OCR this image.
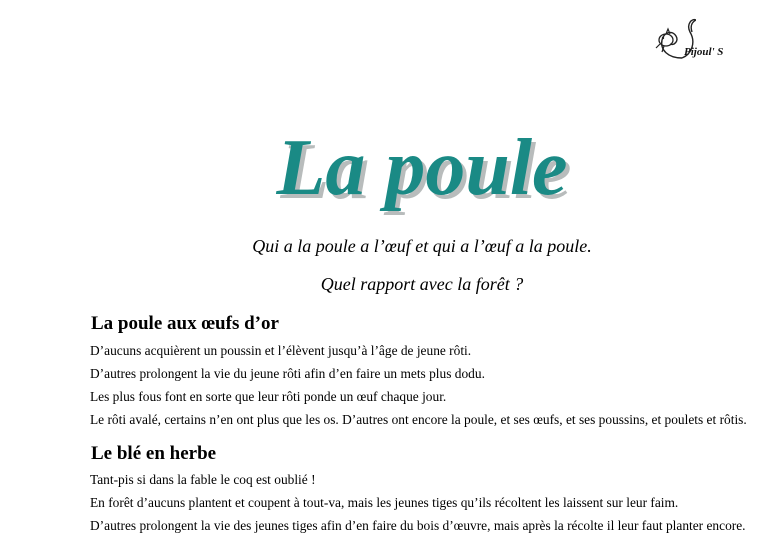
Pijoul' S
La poule
Qui a la poule a l’œuf et qui a l’œuf a la poule.
Quel rapport avec la forêt ?
La poule aux œufs d’or
D’aucuns acquièrent un poussin et l’élèvent jusqu’à l’âge de jeune rôti.
D’autres prolongent la vie du jeune rôti afin d’en faire un mets plus dodu.
Les plus fous font en sorte que leur rôti ponde un œuf chaque jour.
Le rôti avalé, certains n’en ont plus que les os. D’autres ont encore la poule, et ses œufs, et ses poussins, et poulets et rôtis.
Le blé en herbe
Tant-pis si dans la fable le coq est oublié !
En forêt d’aucuns plantent et coupent à tout-va, mais les jeunes tiges qu’ils récoltent les laissent sur leur faim.
D’autres prolongent la vie des jeunes tiges afin d’en faire du bois d’œuvre, mais après la récolte il leur faut planter encore.
